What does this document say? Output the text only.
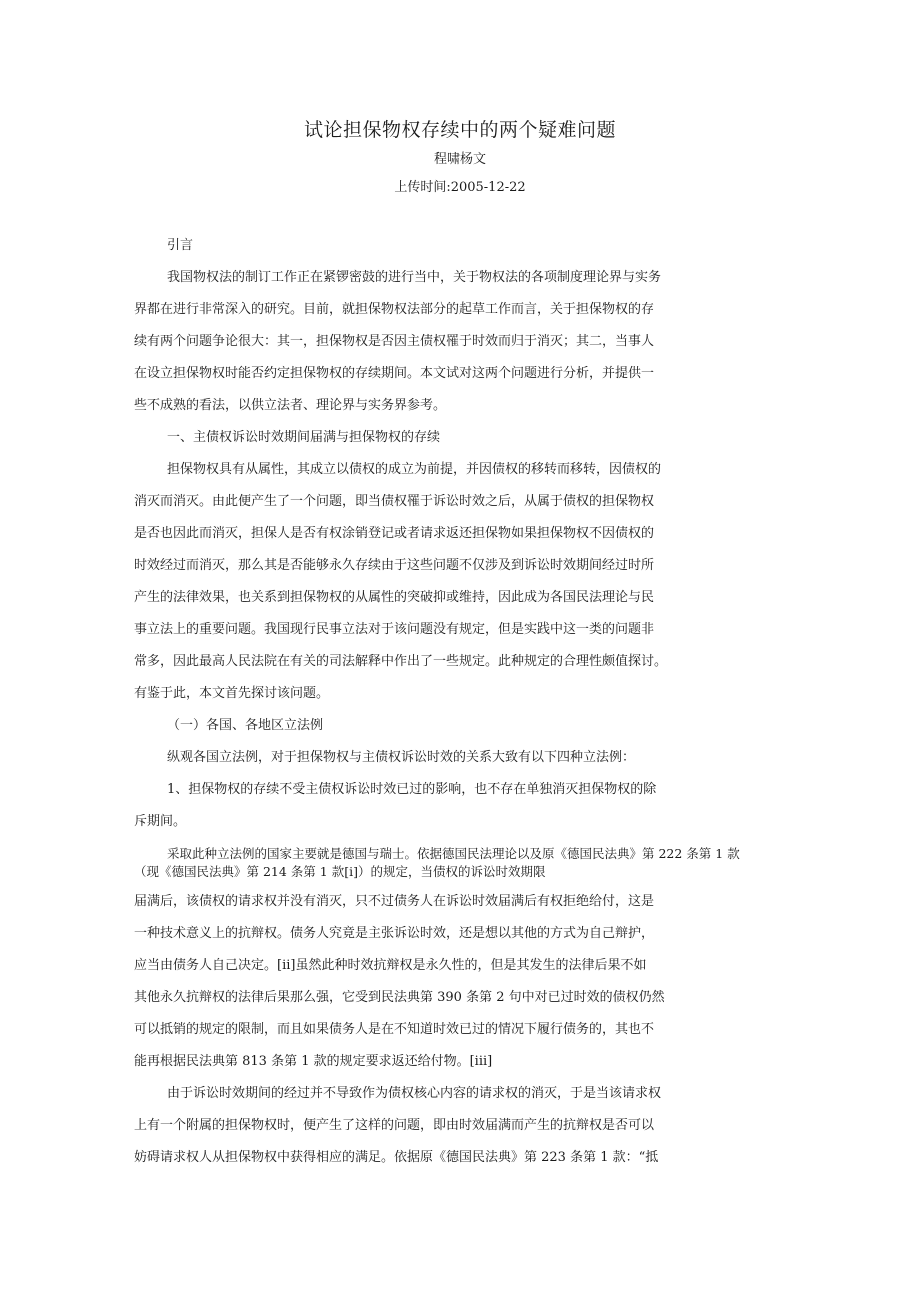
试论担保物权存续中的两个疑难问题
程啸杨文
上传时间:2005-12-22
引言
我国物权法的制订工作正在紧锣密鼓的进行当中，关于物权法的各项制度理论界与实务
界都在进行非常深入的研究。目前，就担保物权法部分的起草工作而言，关于担保物权的存
续有两个问题争论很大：其一，担保物权是否因主债权罹于时效而归于消灭；其二，当事人
在设立担保物权时能否约定担保物权的存续期间。本文试对这两个问题进行分析，并提供一
些不成熟的看法，以供立法者、理论界与实务界参考。
一、主债权诉讼时效期间届满与担保物权的存续
担保物权具有从属性，其成立以债权的成立为前提，并因债权的移转而移转，因债权的
消灭而消灭。由此便产生了一个问题，即当债权罹于诉讼时效之后，从属于债权的担保物权
是否也因此而消灭，担保人是否有权涂销登记或者请求返还担保物如果担保物权不因债权的
时效经过而消灭，那么其是否能够永久存续由于这些问题不仅涉及到诉讼时效期间经过时所
产生的法律效果，也关系到担保物权的从属性的突破抑或维持，因此成为各国民法理论与民
事立法上的重要问题。我国现行民事立法对于该问题没有规定，但是实践中这一类的问题非
常多，因此最高人民法院在有关的司法解释中作出了一些规定。此种规定的合理性颇值探讨。
有鉴于此，本文首先探讨该问题。
（一）各国、各地区立法例
纵观各国立法例，对于担保物权与主债权诉讼时效的关系大致有以下四种立法例：
1、担保物权的存续不受主债权诉讼时效已过的影响，也不存在单独消灭担保物权的除
斥期间。
采取此种立法例的国家主要就是德国与瑞士。依据德国民法理论以及原《德国民法典》第 222 条第 1 款
（现《德国民法典》第 214 条第 1 款[i]）的规定，当债权的诉讼时效期限
届满后，该债权的请求权并没有消灭，只不过债务人在诉讼时效届满后有权拒绝给付，这是
一种技术意义上的抗辩权。债务人究竟是主张诉讼时效，还是想以其他的方式为自己辩护，
应当由债务人自己决定。[ii]虽然此种时效抗辩权是永久性的，但是其发生的法律后果不如
其他永久抗辩权的法律后果那么强，它受到民法典第 390 条第 2 句中对已过时效的债权仍然
可以抵销的规定的限制，而且如果债务人是在不知道时效已过的情况下履行债务的，其也不
能再根据民法典第 813 条第 1 款的规定要求返还给付物。[iii]
由于诉讼时效期间的经过并不导致作为债权核心内容的请求权的消灭，于是当该请求权
上有一个附属的担保物权时，便产生了这样的问题，即由时效届满而产生的抗辩权是否可以
妨碍请求权人从担保物权中获得相应的满足。依据原《德国民法典》第 223 条第 1 款：“抵
